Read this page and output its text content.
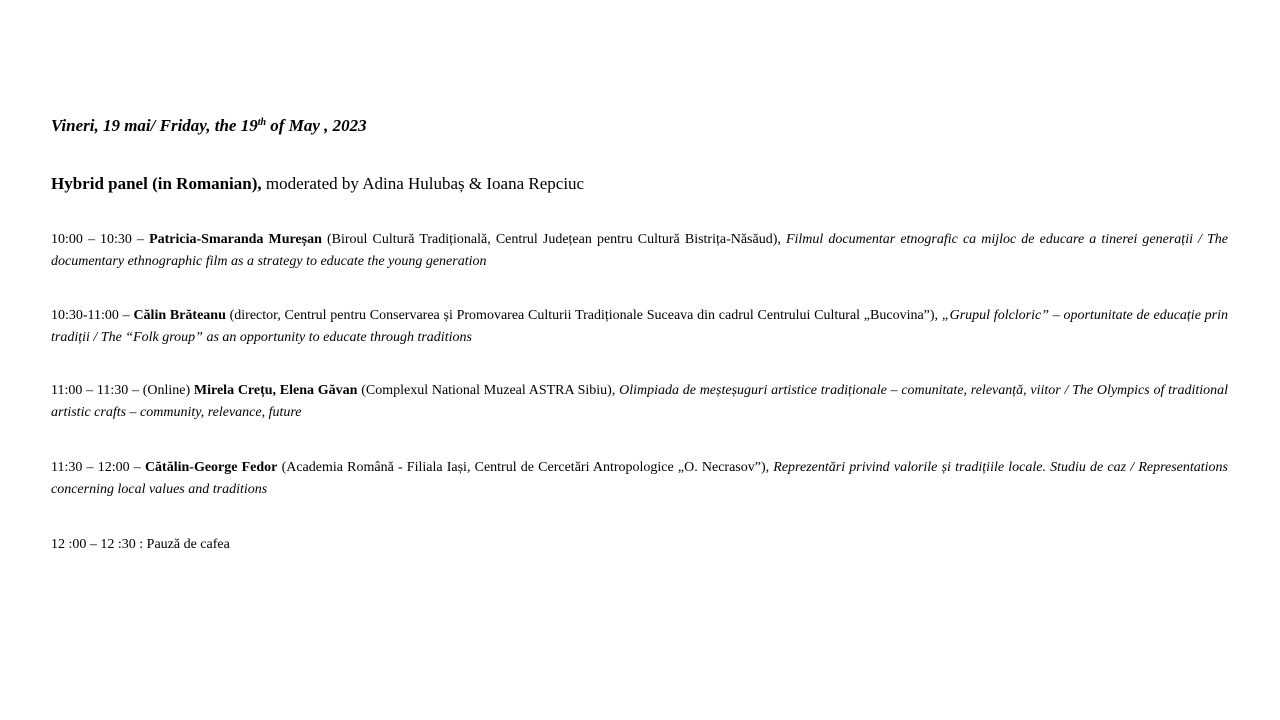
Vineri, 19 mai/ Friday, the 19th of May , 2023
Hybrid panel (in Romanian), moderated by Adina Hulubaș & Ioana Repciuc
10:00 – 10:30 – Patricia-Smaranda Mureșan (Biroul Cultură Tradițională, Centrul Județean pentru Cultură Bistrița-Năsăud), Filmul documentar etnografic ca mijloc de educare a tinerei generații / The documentary ethnographic film as a strategy to educate the young generation
10:30-11:00 – Călin Brăteanu (director, Centrul pentru Conservarea și Promovarea Culturii Tradiționale Suceava din cadrul Centrului Cultural „Bucovina”), „Grupul folcloric” – oportunitate de educație prin tradiții / The “Folk group” as an opportunity to educate through traditions
11:00 – 11:30 – (Online) Mirela Crețu, Elena Găvan (Complexul National Muzeal ASTRA Sibiu), Olimpiada de meșteșuguri artistice tradiționale – comunitate, relevanță, viitor / The Olympics of traditional artistic crafts – community, relevance, future
11:30 – 12:00 – Cătălin-George Fedor (Academia Română - Filiala Iași, Centrul de Cercetări Antropologice „O. Necrasov”), Reprezentări privind valorile și tradițiile locale. Studiu de caz / Representations concerning local values and traditions
12 :00 – 12 :30 : Pauză de cafea
